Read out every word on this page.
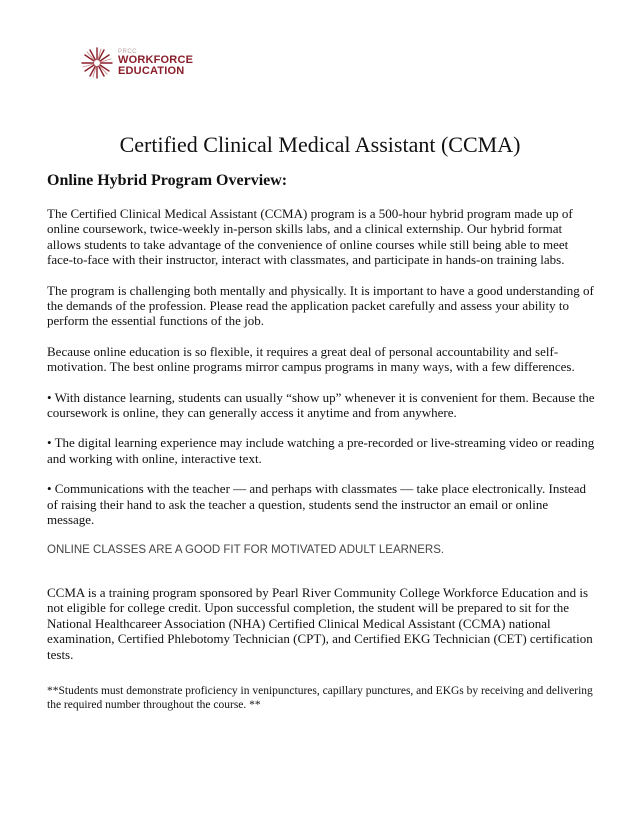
PRCC
WORKFORCE
EDUCATION
Certified Clinical Medical Assistant (CCMA)
Online Hybrid Program Overview:

The Certified Clinical Medical Assistant (CCMA) program is a 500-hour hybrid program made up of online coursework, twice-weekly in-person skills labs, and a clinical externship. Our hybrid format allows students to take advantage of the convenience of online courses while still being able to meet face-to-face with their instructor, interact with classmates, and participate in hands-on training labs.

The program is challenging both mentally and physically. It is important to have a good understanding of the demands of the profession. Please read the application packet carefully and assess your ability to perform the essential functions of the job.

Because online education is so flexible, it requires a great deal of personal accountability and self-motivation. The best online programs mirror campus programs in many ways, with a few differences.

• With distance learning, students can usually “show up” whenever it is convenient for them. Because the coursework is online, they can generally access it anytime and from anywhere.

• The digital learning experience may include watching a pre-recorded or live-streaming video or reading and working with online, interactive text.

• Communications with the teacher — and perhaps with classmates — take place electronically. Instead of raising their hand to ask the teacher a question, students send the instructor an email or online message.

ONLINE CLASSES ARE A GOOD FIT FOR MOTIVATED ADULT LEARNERS.

CCMA is a training program sponsored by Pearl River Community College Workforce Education and is not eligible for college credit. Upon successful completion, the student will be prepared to sit for the National Healthcareer Association (NHA) Certified Clinical Medical Assistant (CCMA) national examination, Certified Phlebotomy Technician (CPT), and Certified EKG Technician (CET) certification tests.

**Students must demonstrate proficiency in venipunctures, capillary punctures, and EKGs by receiving and delivering the required number throughout the course. **
